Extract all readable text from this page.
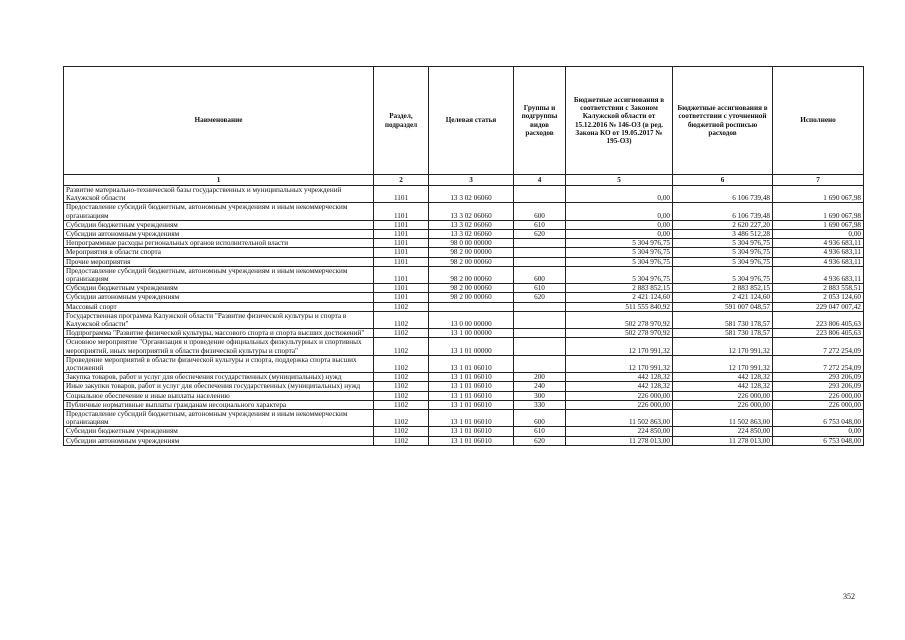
Наименование	Раздел, подраздел	Целевая статья	Группы и подгруппы видов расходов	Бюджетные ассигнования в соответствии с Законом Калужской области от 15.12.2016 № 146-ОЗ (в ред. Закона КО от 19.05.2017 № 195-ОЗ)	Бюджетные ассигнования в соответствии с уточненной бюджетной росписью расходов	Исполнено
1	2	3	4	5	6	7
Развитие материально-технической базы государственных и муниципальных учреждений Калужской области	1101	13 3 02 06060		0,00	6 106 739,48	1 690 067,98
Предоставление субсидий бюджетным, автономным учреждениям и иным некоммерческим организациям	1101	13 3 02 06060	600	0,00	6 106 739,48	1 690 067,98
Субсидии бюджетным учреждениям	1101	13 3 02 06060	610	0,00	2 620 227,20	1 690 067,98
Субсидии автономным учреждениям	1101	13 3 02 06060	620	0,00	3 486 512,28	0,00
Непрограммные расходы региональных органов исполнительной власти	1101	98 0 00 00000		5 304 976,75	5 304 976,75	4 936 683,11
Мероприятия в области спорта	1101	98 2 00 00000		5 304 976,75	5 304 976,75	4 936 683,11
Прочие мероприятия	1101	98 2 00 00060		5 304 976,75	5 304 976,75	4 936 683,11
Предоставление субсидий бюджетным, автономным учреждениям и иным некоммерческим организациям	1101	98 2 00 00060	600	5 304 976,75	5 304 976,75	4 936 683,11
Субсидии бюджетным учреждениям	1101	98 2 00 00060	610	2 883 852,15	2 883 852,15	2 883 558,51
Субсидии автономным учреждениям	1101	98 2 00 00060	620	2 421 124,60	2 421 124,60	2 053 124,60
Массовый спорт	1102			511 555 840,92	591 007 048,57	229 047 007,42
Государственная программа Калужской области "Развитие физической культуры и спорта в Калужской области"	1102	13 0 00 00000		502 278 970,92	581 730 178,57	223 806 405,63
Подпрограмма "Развитие физической культуры, массового спорта и спорта высших достижений"	1102	13 1 00 00000		502 278 970,92	581 730 178,57	223 806 405,63
Основное мероприятие "Организация и проведение официальных физкультурных и спортивных мероприятий, иных мероприятий в области физической культуры и спорта"	1102	13 1 01 00000		12 170 991,32	12 170 991,32	7 272 254,09
Проведение мероприятий в области физической культуры и спорта, поддержка спорта высших достижений	1102	13 1 01 06010		12 170 991,32	12 170 991,32	7 272 254,09
Закупка товаров, работ и услуг для обеспечения государственных (муниципальных) нужд	1102	13 1 01 06010	200	442 128,32	442 128,32	293 206,09
Иные закупки товаров, работ и услуг для обеспечения государственных (муниципальных) нужд	1102	13 1 01 06010	240	442 128,32	442 128,32	293 206,09
Социальное обеспечение и иные выплаты населению	1102	13 1 01 06010	300	226 000,00	226 000,00	226 000,00
Публичные нормативные выплаты гражданам несоциального характера	1102	13 1 01 06010	330	226 000,00	226 000,00	226 000,00
Предоставление субсидий бюджетным, автономным учреждениям и иным некоммерческим организациям	1102	13 1 01 06010	600	11 502 863,00	11 502 863,00	6 753 048,00
Субсидии бюджетным учреждениям	1102	13 1 01 06010	610	224 850,00	224 850,00	0,00
Субсидии автономным учреждениям	1102	13 1 01 06010	620	11 278 013,00	11 278 013,00	6 753 048,00
352
